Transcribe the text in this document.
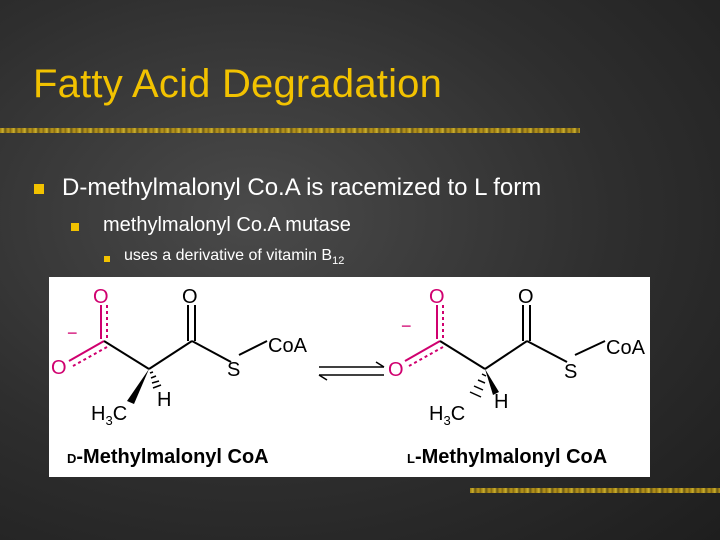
Fatty Acid Degradation
D-methylmalonyl Co.A is racemized to L form
methylmalonyl Co.A mutase
uses a derivative of vitamin $B_{12}$
O	O
O
−
S
CoA
H
$H_3C$
D-Methylmalonyl CoA
O	O
O
−
S
CoA
H
$H_3C$
L-Methylmalonyl CoA
